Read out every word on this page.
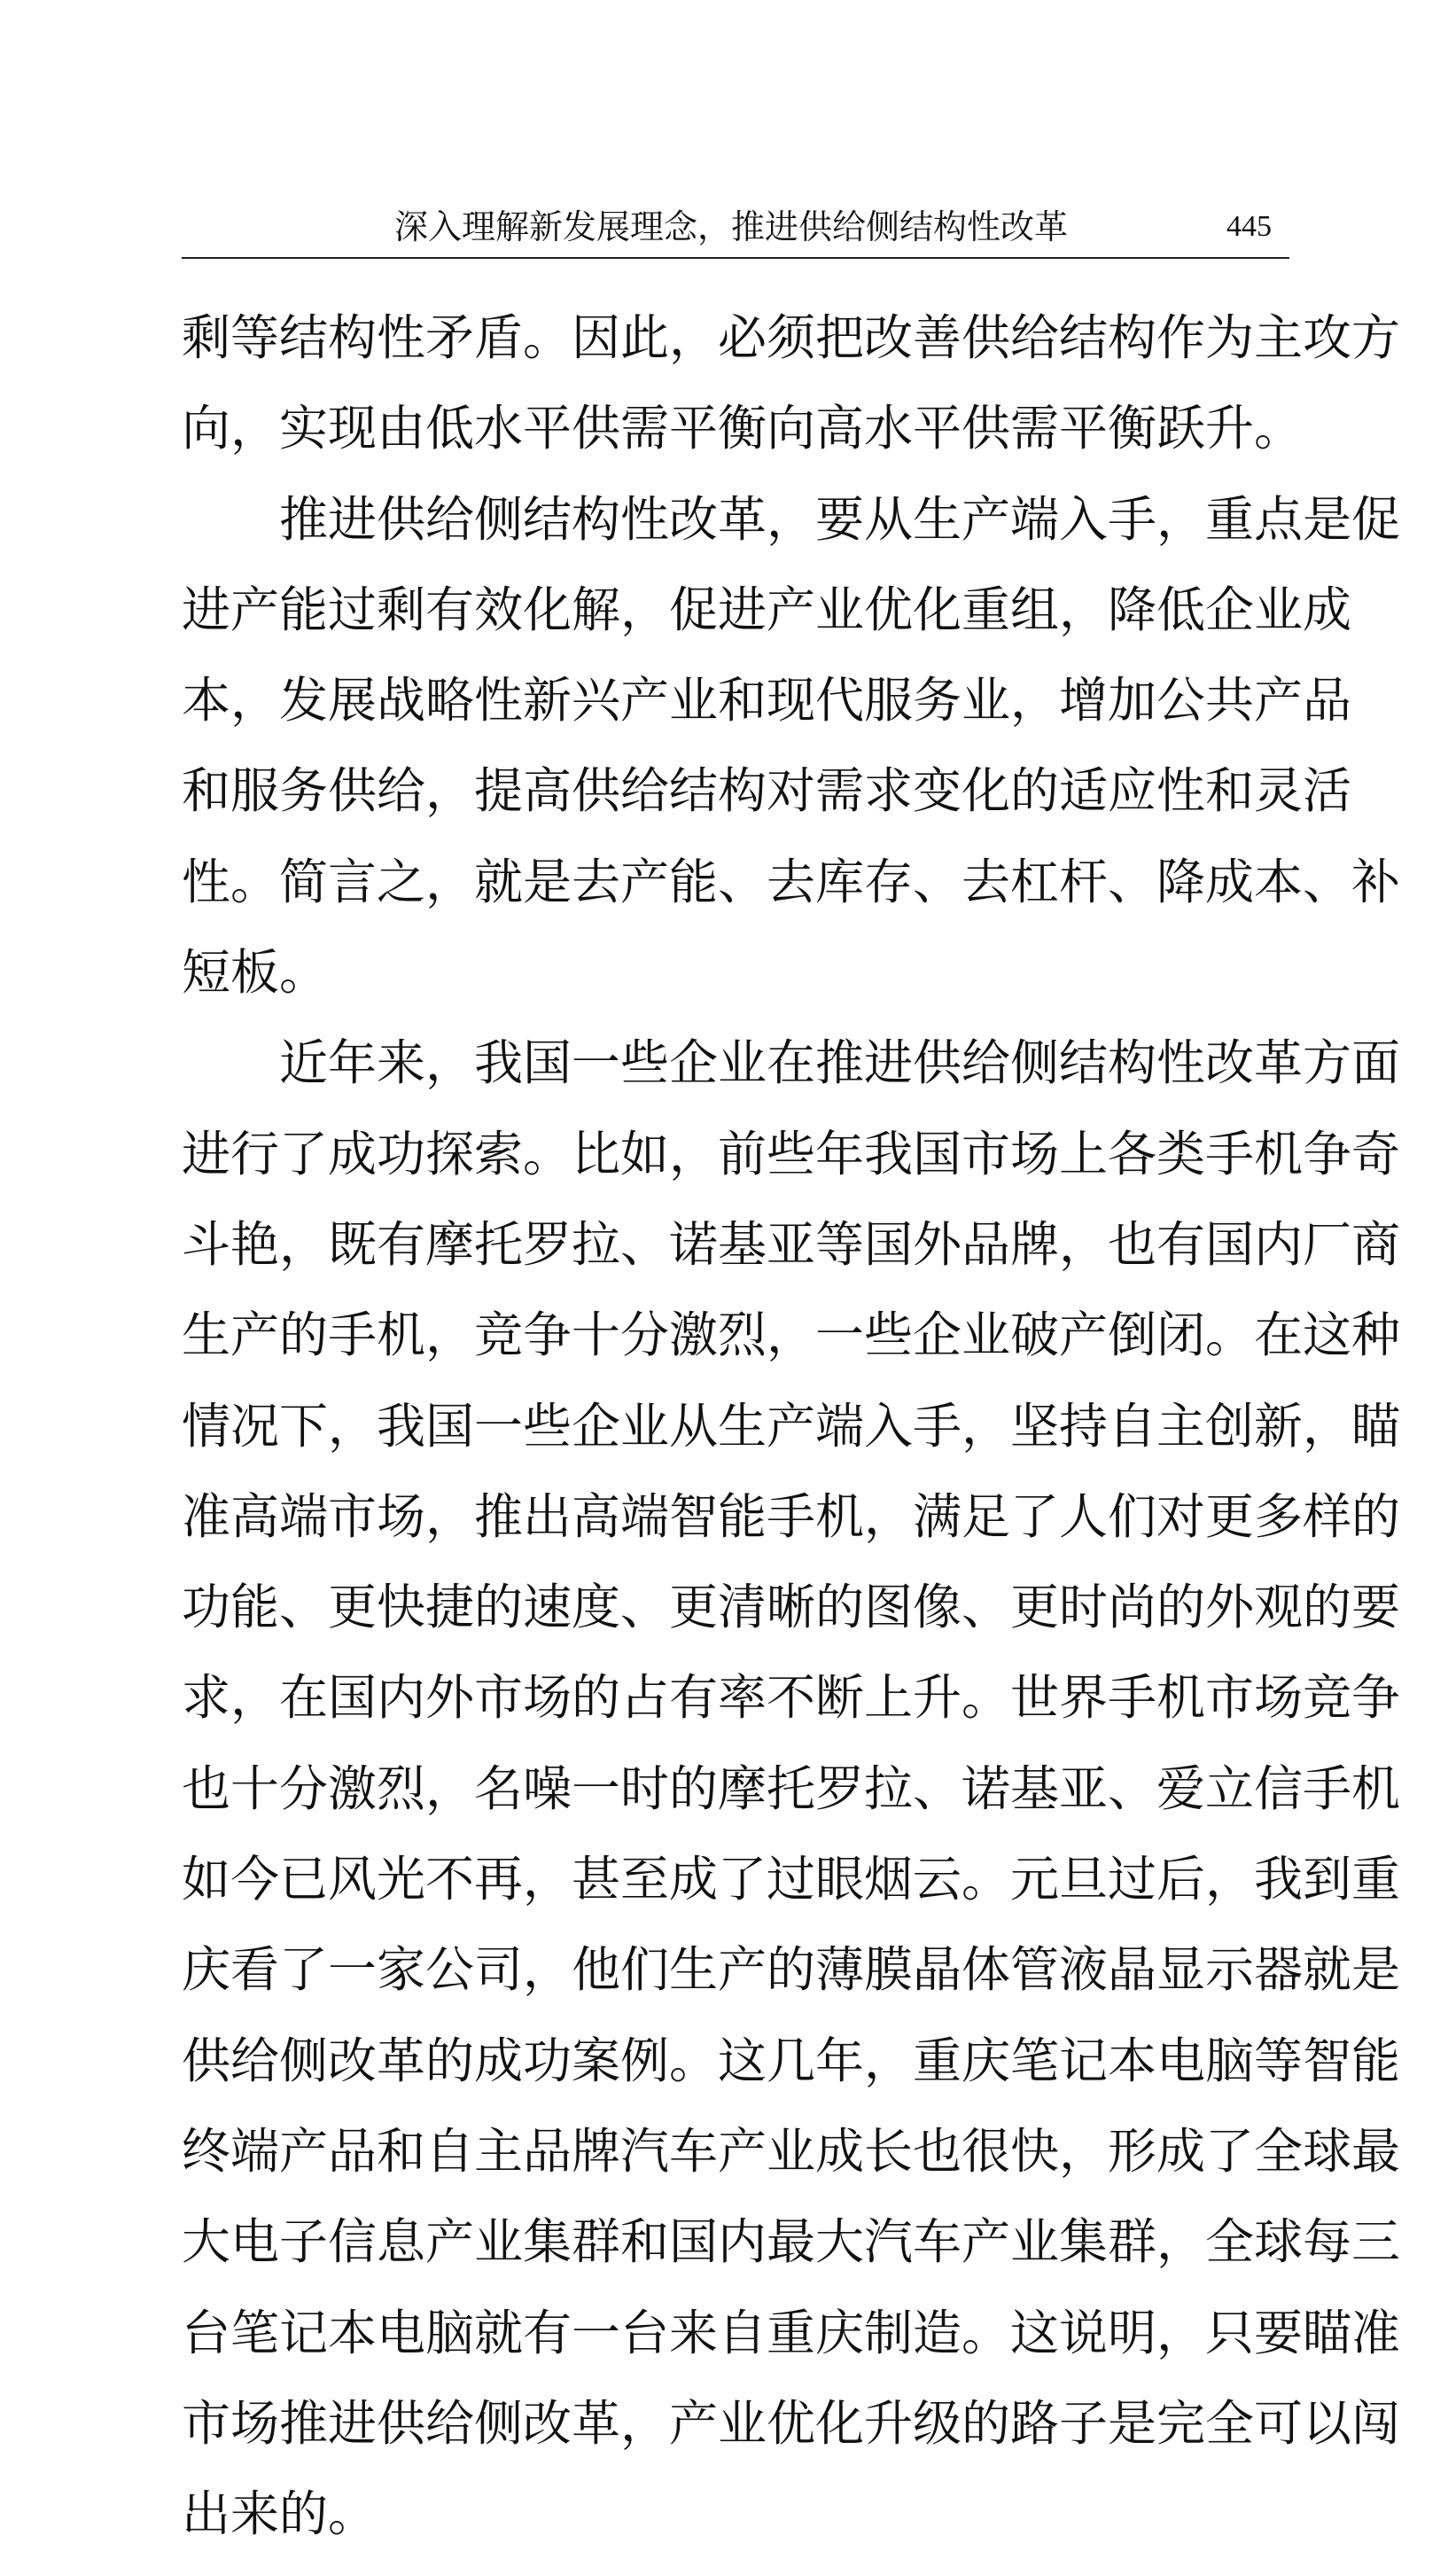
深入理解新发展理念，推进供给侧结构性改革	445
剩等结构性矛盾。因此，必须把改善供给结构作为主攻方
向，实现由低水平供需平衡向高水平供需平衡跃升。
推进供给侧结构性改革，要从生产端入手，重点是促
进产能过剩有效化解，促进产业优化重组，降低企业成
本，发展战略性新兴产业和现代服务业，增加公共产品
和服务供给，提高供给结构对需求变化的适应性和灵活
性。简言之，就是去产能、去库存、去杠杆、降成本、补
短板。
近年来，我国一些企业在推进供给侧结构性改革方面
进行了成功探索。比如，前些年我国市场上各类手机争奇
斗艳，既有摩托罗拉、诺基亚等国外品牌，也有国内厂商
生产的手机，竞争十分激烈，一些企业破产倒闭。在这种
情况下，我国一些企业从生产端入手，坚持自主创新，瞄
准高端市场，推出高端智能手机，满足了人们对更多样的
功能、更快捷的速度、更清晰的图像、更时尚的外观的要
求，在国内外市场的占有率不断上升。世界手机市场竞争
也十分激烈，名噪一时的摩托罗拉、诺基亚、爱立信手机
如今已风光不再，甚至成了过眼烟云。元旦过后，我到重
庆看了一家公司，他们生产的薄膜晶体管液晶显示器就是
供给侧改革的成功案例。这几年，重庆笔记本电脑等智能
终端产品和自主品牌汽车产业成长也很快，形成了全球最
大电子信息产业集群和国内最大汽车产业集群，全球每三
台笔记本电脑就有一台来自重庆制造。这说明，只要瞄准
市场推进供给侧改革，产业优化升级的路子是完全可以闯
出来的。
